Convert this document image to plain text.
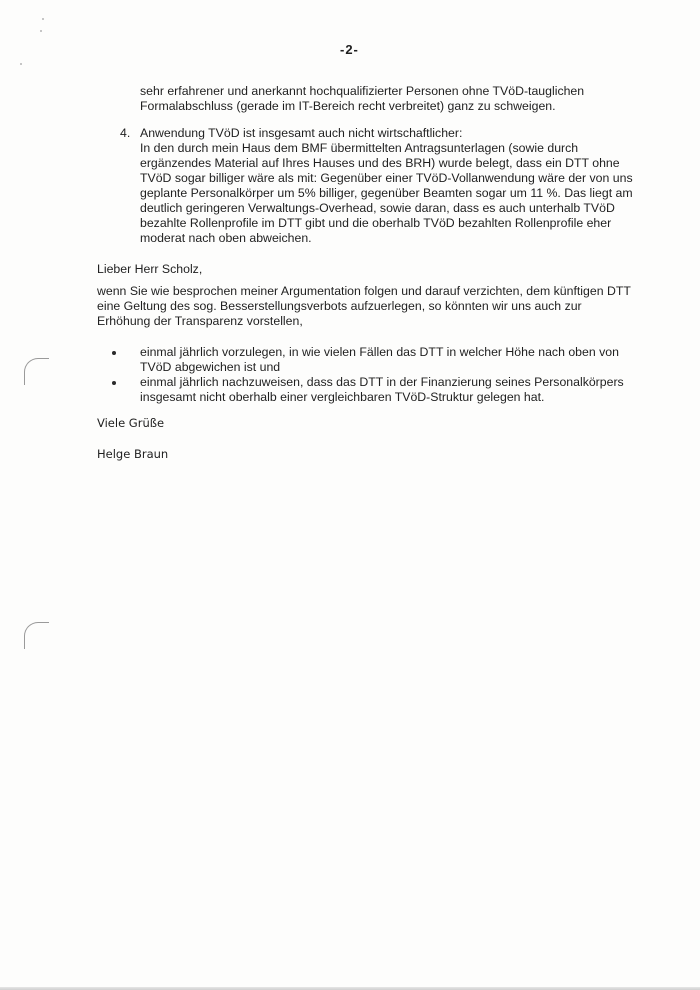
-2-
sehr erfahrener und anerkannt hochqualifizierter Personen ohne TVöD-tauglichen
Formalabschluss (gerade im IT-Bereich recht verbreitet) ganz zu schweigen.
4. Anwendung TVöD ist insgesamt auch nicht wirtschaftlicher:
In den durch mein Haus dem BMF übermittelten Antragsunterlagen (sowie durch
ergänzendes Material auf Ihres Hauses und des BRH) wurde belegt, dass ein DTT ohne
TVöD sogar billiger wäre als mit: Gegenüber einer TVöD-Vollanwendung wäre der von uns
geplante Personalkörper um 5% billiger, gegenüber Beamten sogar um 11 %. Das liegt am
deutlich geringeren Verwaltungs-Overhead, sowie daran, dass es auch unterhalb TVöD
bezahlte Rollenprofile im DTT gibt und die oberhalb TVöD bezahlten Rollenprofile eher
moderat nach oben abweichen.
Lieber Herr Scholz,
wenn Sie wie besprochen meiner Argumentation folgen und darauf verzichten, dem künftigen DTT
eine Geltung des sog. Besserstellungsverbots aufzuerlegen, so könnten wir uns auch zur
Erhöhung der Transparenz vorstellen,
einmal jährlich vorzulegen, in wie vielen Fällen das DTT in welcher Höhe nach oben von
TVöD abgewichen ist und
einmal jährlich nachzuweisen, dass das DTT in der Finanzierung seines Personalkörpers
insgesamt nicht oberhalb einer vergleichbaren TVöD-Struktur gelegen hat.
Viele Grüße
Helge Braun
